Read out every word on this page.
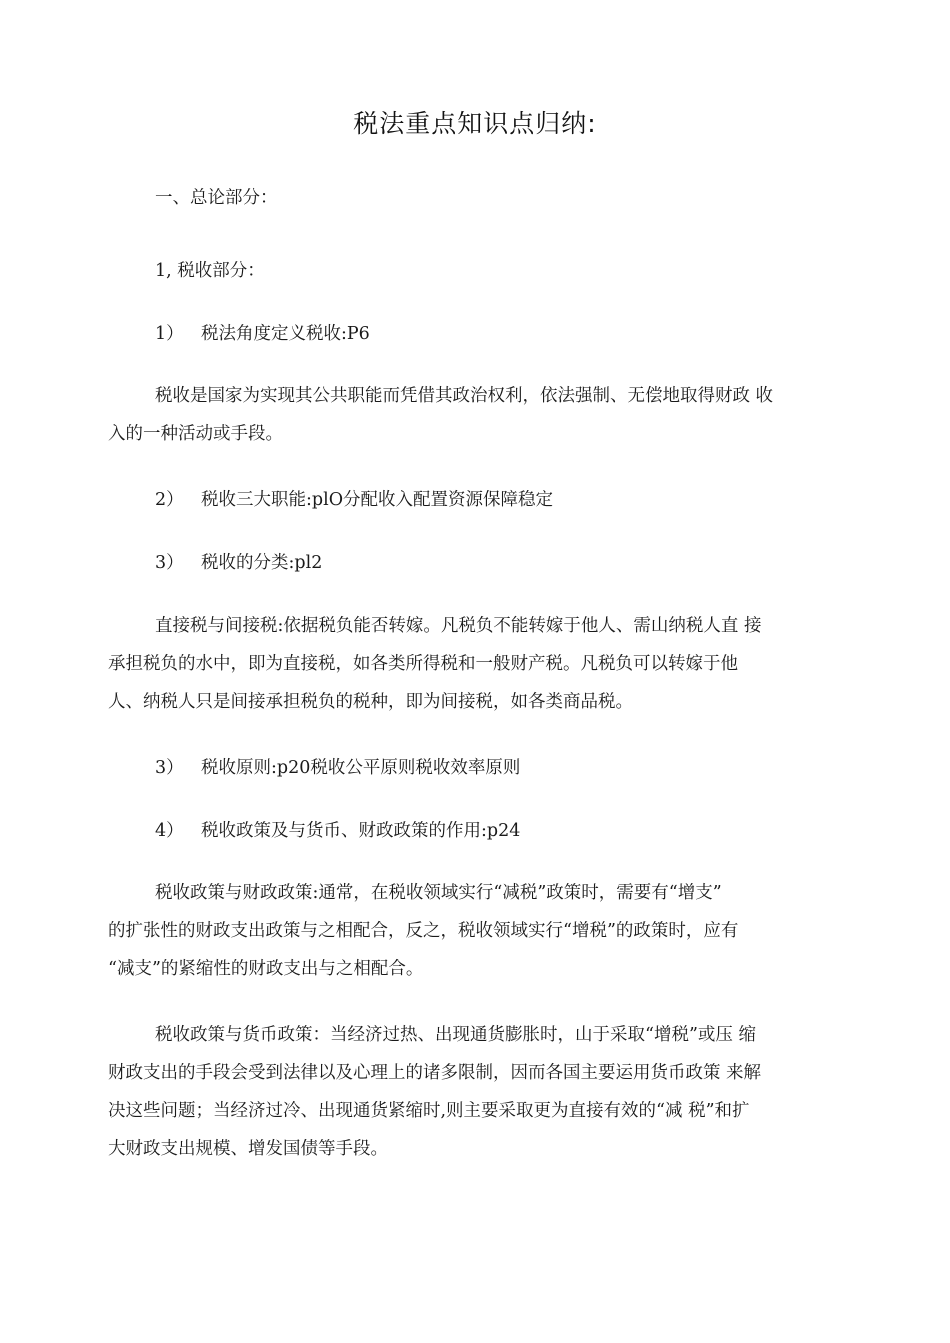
税法重点知识点归纳:
一、总论部分：
1, 税收部分：
1） 税法角度定义税收:P6
税收是国家为实现其公共职能而凭借其政治权利，依法强制、无偿地取得财政 收
入的一种活动或手段。
2） 税收三大职能:plO分配收入配置资源保障稳定
3） 税收的分类:pl2
直接税与间接税:依据税负能否转嫁。凡税负不能转嫁于他人、需山纳税人直 接
承担税负的水中，即为直接税，如各类所得税和一般财产税。凡税负可以转嫁于他
人、纳税人只是间接承担税负的税种，即为间接税，如各类商品税。
3） 税收原则:p20税收公平原则税收效率原则
4） 税收政策及与货币、财政政策的作用:p24
税收政策与财政政策:通常，在税收领域实行“减税”政策时，需要有“增支”
的扩张性的财政支出政策与之相配合，反之，税收领域实行“增税”的政策时，应有
“减支”的紧缩性的财政支出与之相配合。
税收政策与货币政策：当经济过热、出现通货膨胀时，山于采取“增税”或压 缩
财政支出的手段会受到法律以及心理上的诸多限制，因而各国主要运用货币政策 来解
决这些问题；当经济过冷、出现通货紧缩时,则主要采取更为直接有效的“减 税”和扩
大财政支出规模、增发国债等手段。
